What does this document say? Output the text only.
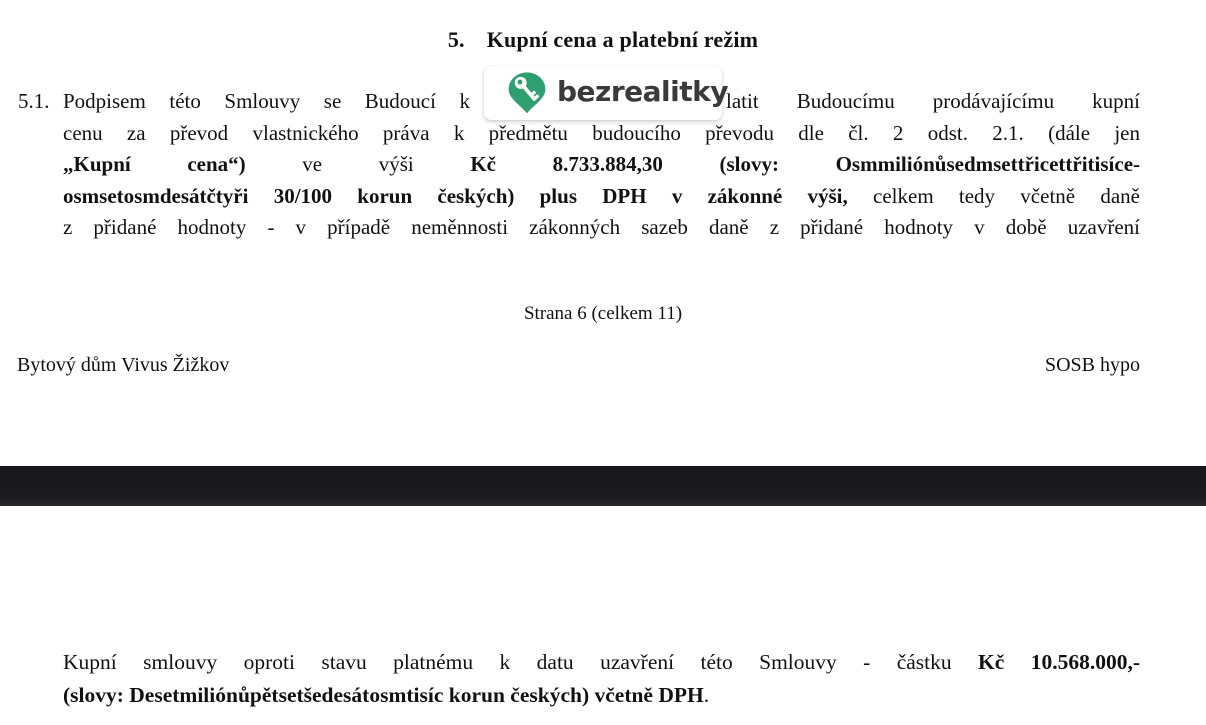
5. Kupní cena a platební režim
5.1. Podpisem této Smlouvy se Budoucí k	latit Budoucímu prodávajícímu kupní
cenu za převod vlastnického práva k předmětu budoucího převodu dle čl. 2 odst. 2.1. (dále jen
„Kupní cena“)	ve výši	Kč 8.733.884,30 (slovy: Osmmiliónůsedmsettřicettřitisíce-
osmsetosmdesátčtyři 30/100 korun českých) plus DPH v zákonné výši, celkem tedy včetně daně
z přidané hodnoty - v případě neměnnosti zákonných sazeb daně z přidané hodnoty v době uzavření
bezrealitky
Strana 6 (celkem 11)
Bytový dům Vivus Žižkov	SOSB hypo
Kupní smlouvy oproti stavu platnému k datu uzavření této Smlouvy - částku Kč 10.568.000,-
(slovy: Desetmiliónůpětsetšedesátosmtisíc korun českých) včetně DPH.
